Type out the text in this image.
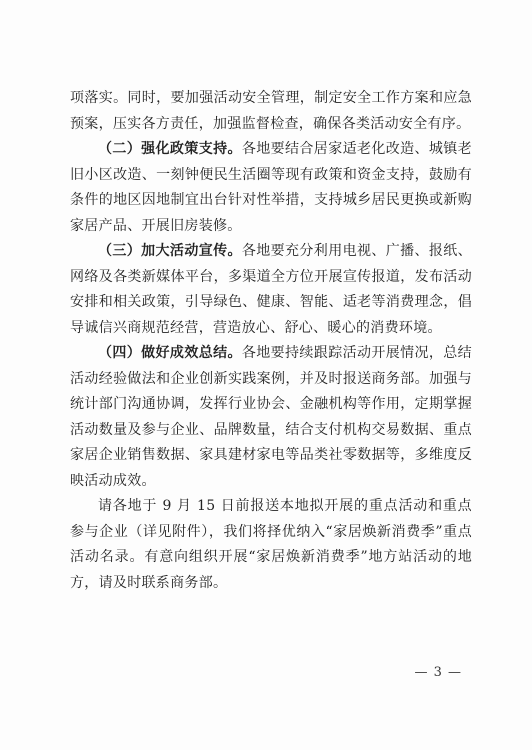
项落实。同时，要加强活动安全管理，制定安全工作方案和应急预案，压实各方责任，加强监督检查，确保各类活动安全有序。

（二）强化政策支持。各地要结合居家适老化改造、城镇老旧小区改造、一刻钟便民生活圈等现有政策和资金支持，鼓励有条件的地区因地制宜出台针对性举措，支持城乡居民更换或新购家居产品、开展旧房装修。

（三）加大活动宣传。各地要充分利用电视、广播、报纸、网络及各类新媒体平台，多渠道全方位开展宣传报道，发布活动安排和相关政策，引导绿色、健康、智能、适老等消费理念，倡导诚信兴商规范经营，营造放心、舒心、暖心的消费环境。

（四）做好成效总结。各地要持续跟踪活动开展情况，总结活动经验做法和企业创新实践案例，并及时报送商务部。加强与统计部门沟通协调，发挥行业协会、金融机构等作用，定期掌握活动数量及参与企业、品牌数量，结合支付机构交易数据、重点家居企业销售数据、家具建材家电等品类社零数据等，多维度反映活动成效。

请各地于 9 月 15 日前报送本地拟开展的重点活动和重点参与企业（详见附件），我们将择优纳入“家居焕新消费季”重点活动名录。有意向组织开展“家居焕新消费季”地方站活动的地方，请及时联系商务部。

— 3 —
